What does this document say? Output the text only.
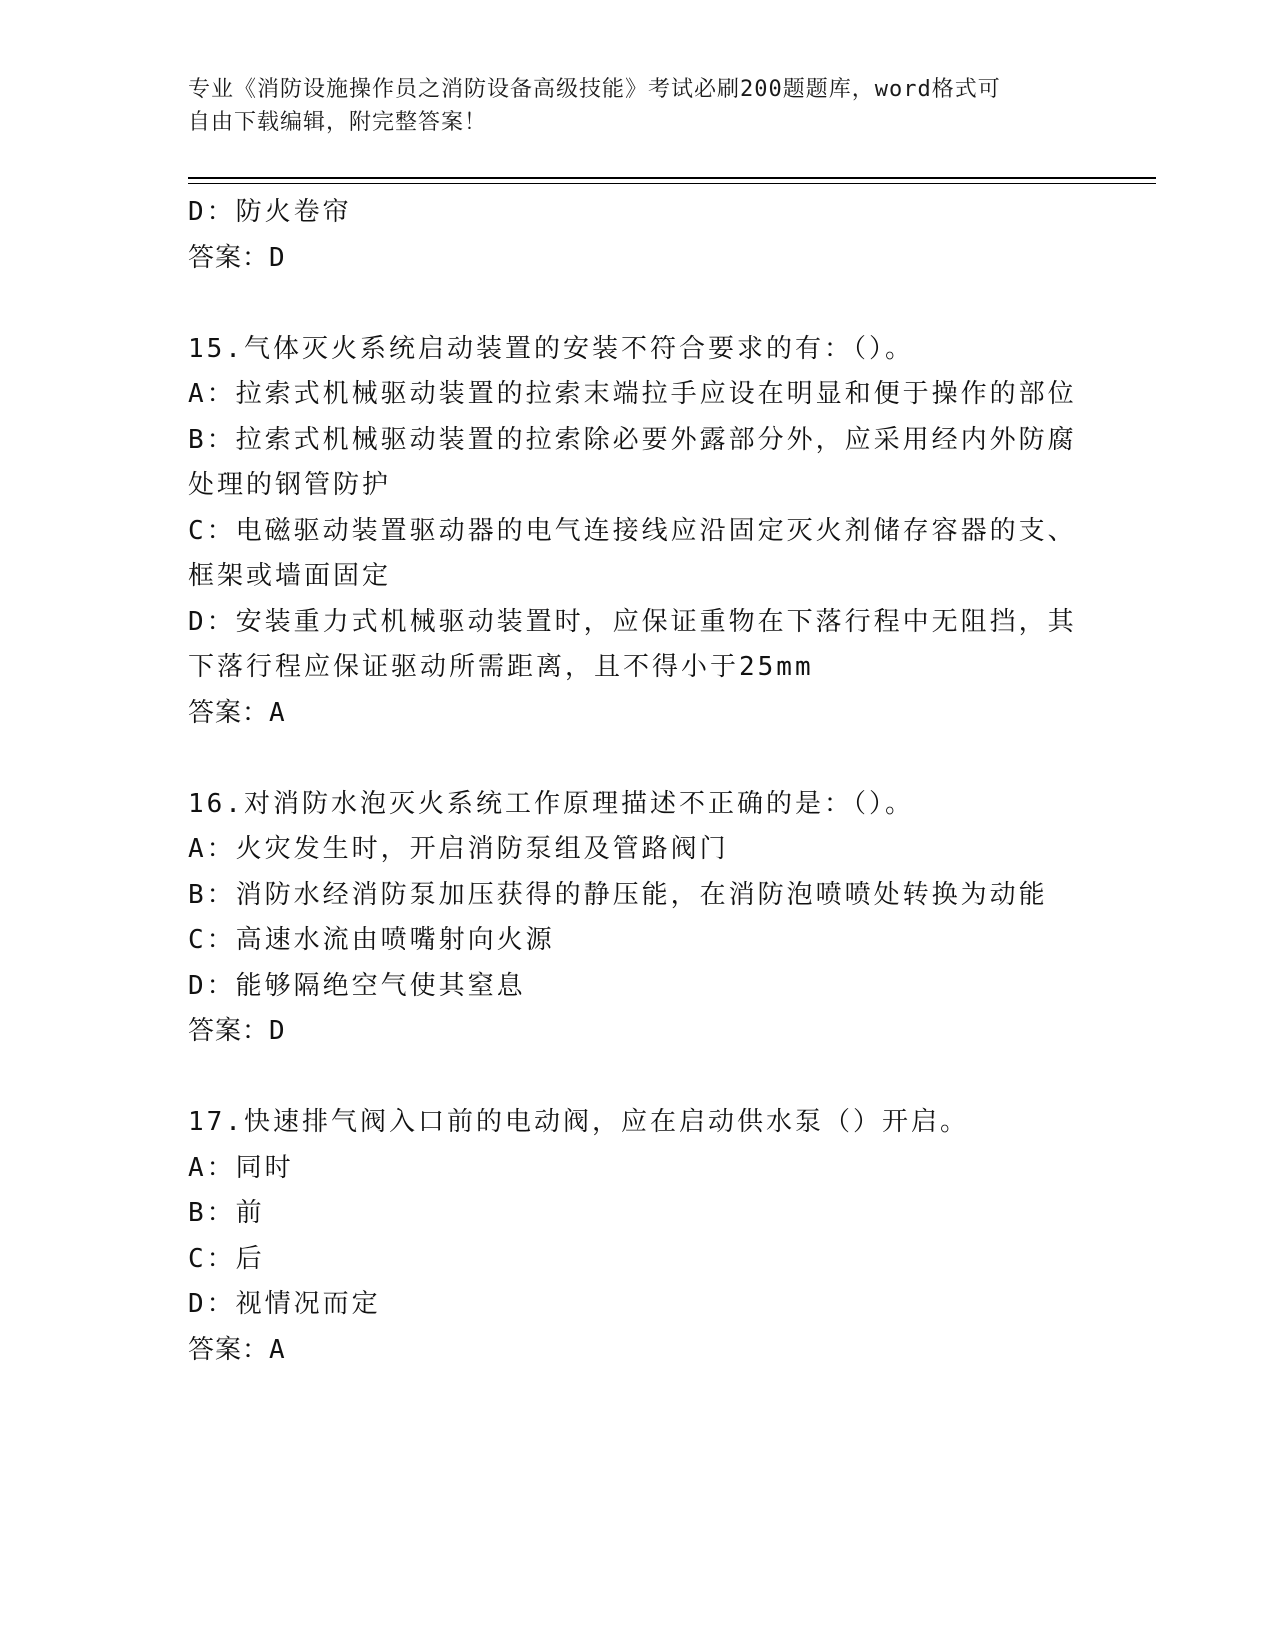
专业《消防设施操作员之消防设备高级技能》考试必刷200题题库，word格式可
自由下载编辑，附完整答案！
D：防火卷帘
答案：D
15.气体灭火系统启动装置的安装不符合要求的有：（）。
A：拉索式机械驱动装置的拉索末端拉手应设在明显和便于操作的部位
B：拉索式机械驱动装置的拉索除必要外露部分外，应采用经内外防腐
处理的钢管防护
C：电磁驱动装置驱动器的电气连接线应沿固定灭火剂储存容器的支、
框架或墙面固定
D：安装重力式机械驱动装置时，应保证重物在下落行程中无阻挡，其
下落行程应保证驱动所需距离，且不得小于25mm
答案：A
16.对消防水泡灭火系统工作原理描述不正确的是：（）。
A：火灾发生时，开启消防泵组及管路阀门
B：消防水经消防泵加压获得的静压能，在消防泡喷喷处转换为动能
C：高速水流由喷嘴射向火源
D：能够隔绝空气使其窒息
答案：D
17.快速排气阀入口前的电动阀，应在启动供水泵（）开启。
A：同时
B：前
C：后
D：视情况而定
答案：A
